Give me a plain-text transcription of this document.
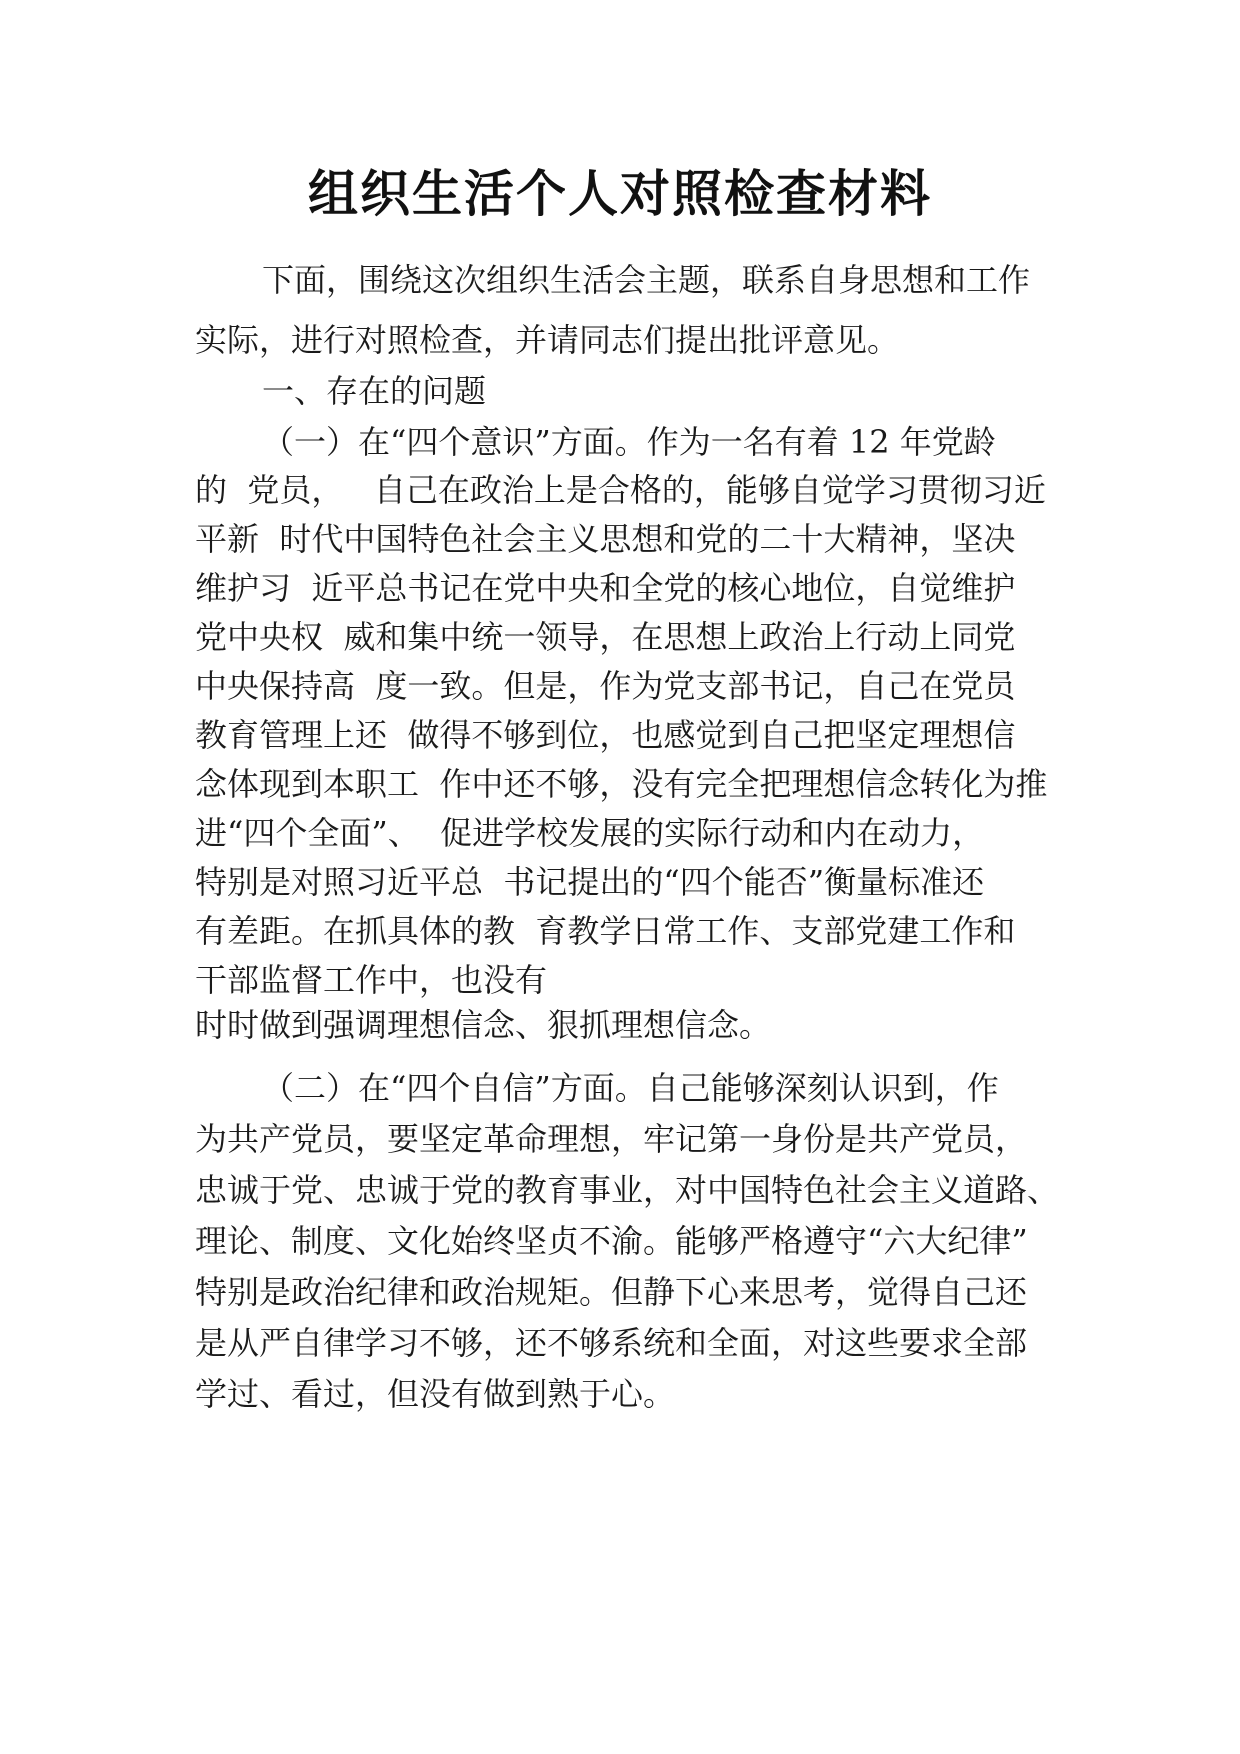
组织生活个人对照检查材料
下面，围绕这次组织生活会主题，联系自身思想和工作
实际，进行对照检查，并请同志们提出批评意见。
一、存在的问题
（一）在“四个意识”方面。作为一名有着 12 年党龄
的  党员，   自己在政治上是合格的，能够自觉学习贯彻习近
平新  时代中国特色社会主义思想和党的二十大精神，坚决
维护习  近平总书记在党中央和全党的核心地位，自觉维护
党中央权  威和集中统一领导，在思想上政治上行动上同党
中央保持高  度一致。但是，作为党支部书记，自己在党员
教育管理上还  做得不够到位，也感觉到自己把坚定理想信
念体现到本职工  作中还不够，没有完全把理想信念转化为推
进“四个全面”、  促进学校发展的实际行动和内在动力，
特别是对照习近平总  书记提出的“四个能否”衡量标准还
有差距。在抓具体的教  育教学日常工作、支部党建工作和
干部监督工作中，也没有
时时做到强调理想信念、狠抓理想信念。
（二）在“四个自信”方面。自己能够深刻认识到，作
为共产党员，要坚定革命理想，牢记第一身份是共产党员，
忠诚于党、忠诚于党的教育事业，对中国特色社会主义道路、
理论、制度、文化始终坚贞不渝。能够严格遵守“六大纪律”
特别是政治纪律和政治规矩。但静下心来思考，觉得自己还
是从严自律学习不够，还不够系统和全面，对这些要求全部
学过、看过，但没有做到熟于心。
